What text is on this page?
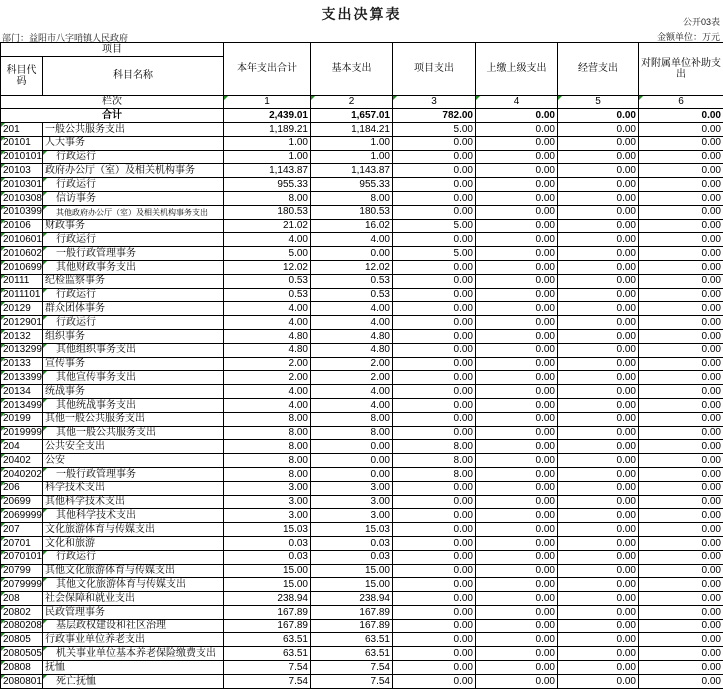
支出决算表	公开03表
部门：益阳市八字哨镇人民政府	金额单位：万元
项目		本年支出合计	基本支出	项目支出	上缴上级支出	经营支出	对附属单位补助支出
科目代码	科目名称						
栏次		1	2	3	4	5	6
合计		2,439.01	1,657.01	782.00	0.00	0.00	0.00

201	一般公共服务支出	1,189.21	1,184.21	5.00	0.00	0.00	0.00

20101	人大事务	1.00	1.00	0.00	0.00	0.00	0.00

2010101	行政运行	1.00	1.00	0.00	0.00	0.00	0.00

20103	政府办公厅（室）及相关机构事务	1,143.87	1,143.87	0.00	0.00	0.00	0.00

2010301	行政运行	955.33	955.33	0.00	0.00	0.00	0.00

2010308	信访事务	8.00	8.00	0.00	0.00	0.00	0.00

2010399	其他政府办公厅（室）及相关机构事务支出	180.53	180.53	0.00	0.00	0.00	0.00

20106	财政事务	21.02	16.02	5.00	0.00	0.00	0.00

2010601	行政运行	4.00	4.00	0.00	0.00	0.00	0.00

2010602	一般行政管理事务	5.00	0.00	5.00	0.00	0.00	0.00

2010699	其他财政事务支出	12.02	12.02	0.00	0.00	0.00	0.00

20111	纪检监察事务	0.53	0.53	0.00	0.00	0.00	0.00

2011101	行政运行	0.53	0.53	0.00	0.00	0.00	0.00

20129	群众团体事务	4.00	4.00	0.00	0.00	0.00	0.00

2012901	行政运行	4.00	4.00	0.00	0.00	0.00	0.00

20132	组织事务	4.80	4.80	0.00	0.00	0.00	0.00

2013299	其他组织事务支出	4.80	4.80	0.00	0.00	0.00	0.00

20133	宣传事务	2.00	2.00	0.00	0.00	0.00	0.00

2013399	其他宣传事务支出	2.00	2.00	0.00	0.00	0.00	0.00

20134	统战事务	4.00	4.00	0.00	0.00	0.00	0.00

2013499	其他统战事务支出	4.00	4.00	0.00	0.00	0.00	0.00

20199	其他一般公共服务支出	8.00	8.00	0.00	0.00	0.00	0.00

2019999	其他一般公共服务支出	8.00	8.00	0.00	0.00	0.00	0.00

204	公共安全支出	8.00	0.00	8.00	0.00	0.00	0.00

20402	公安	8.00	0.00	8.00	0.00	0.00	0.00

2040202	一般行政管理事务	8.00	0.00	8.00	0.00	0.00	0.00

206	科学技术支出	3.00	3.00	0.00	0.00	0.00	0.00

20699	其他科学技术支出	3.00	3.00	0.00	0.00	0.00	0.00

2069999	其他科学技术支出	3.00	3.00	0.00	0.00	0.00	0.00

207	文化旅游体育与传媒支出	15.03	15.03	0.00	0.00	0.00	0.00

20701	文化和旅游	0.03	0.03	0.00	0.00	0.00	0.00

2070101	行政运行	0.03	0.03	0.00	0.00	0.00	0.00

20799	其他文化旅游体育与传媒支出	15.00	15.00	0.00	0.00	0.00	0.00

2079999	其他文化旅游体育与传媒支出	15.00	15.00	0.00	0.00	0.00	0.00

208	社会保障和就业支出	238.94	238.94	0.00	0.00	0.00	0.00

20802	民政管理事务	167.89	167.89	0.00	0.00	0.00	0.00

2080208	基层政权建设和社区治理	167.89	167.89	0.00	0.00	0.00	0.00

20805	行政事业单位养老支出	63.51	63.51	0.00	0.00	0.00	0.00

2080505	机关事业单位基本养老保险缴费支出	63.51	63.51	0.00	0.00	0.00	0.00

20808	抚恤	7.54	7.54	0.00	0.00	0.00	0.00

2080801	死亡抚恤	7.54	7.54	0.00	0.00	0.00	0.00
